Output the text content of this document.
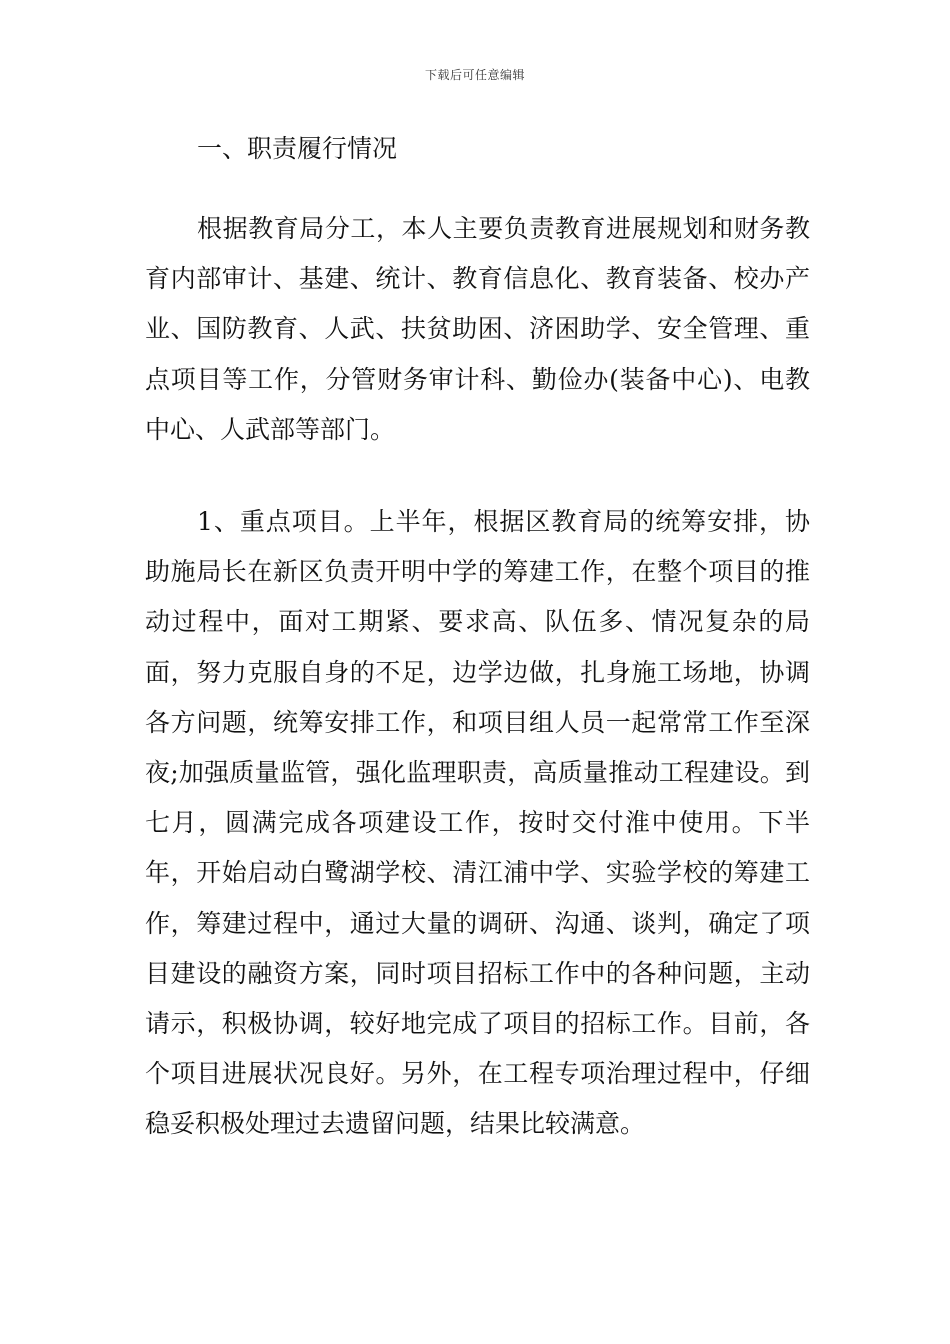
下载后可任意编辑
一、职责履行情况

根据教育局分工，本人主要负责教育进展规划和财务教育内部审计、基建、统计、教育信息化、教育装备、校办产业、国防教育、人武、扶贫助困、济困助学、安全管理、重点项目等工作，分管财务审计科、勤俭办(装备中心)、电教中心、人武部等部门。

1、重点项目。上半年，根据区教育局的统筹安排，协助施局长在新区负责开明中学的筹建工作，在整个项目的推动过程中，面对工期紧、要求高、队伍多、情况复杂的局面，努力克服自身的不足，边学边做，扎身施工场地，协调各方问题，统筹安排工作，和项目组人员一起常常工作至深夜;加强质量监管，强化监理职责，高质量推动工程建设。到七月，圆满完成各项建设工作，按时交付淮中使用。下半年，开始启动白鹭湖学校、清江浦中学、实验学校的筹建工作，筹建过程中，通过大量的调研、沟通、谈判，确定了项目建设的融资方案，同时项目招标工作中的各种问题，主动请示，积极协调，较好地完成了项目的招标工作。目前，各个项目进展状况良好。另外，在工程专项治理过程中，仔细稳妥积极处理过去遗留问题，结果比较满意。
